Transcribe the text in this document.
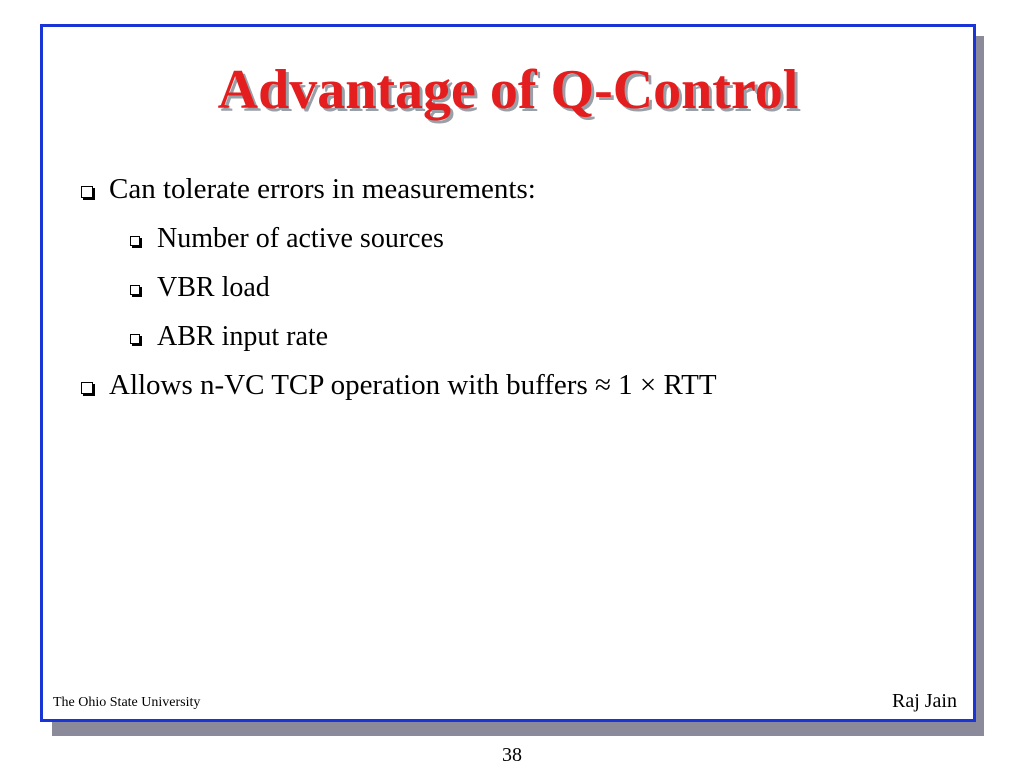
Advantage of Q-Control
Can tolerate errors in measurements:
Number of active sources
VBR load
ABR input rate
Allows n-VC TCP operation with buffers ≈ 1 × RTT
The Ohio State University	Raj Jain
38
